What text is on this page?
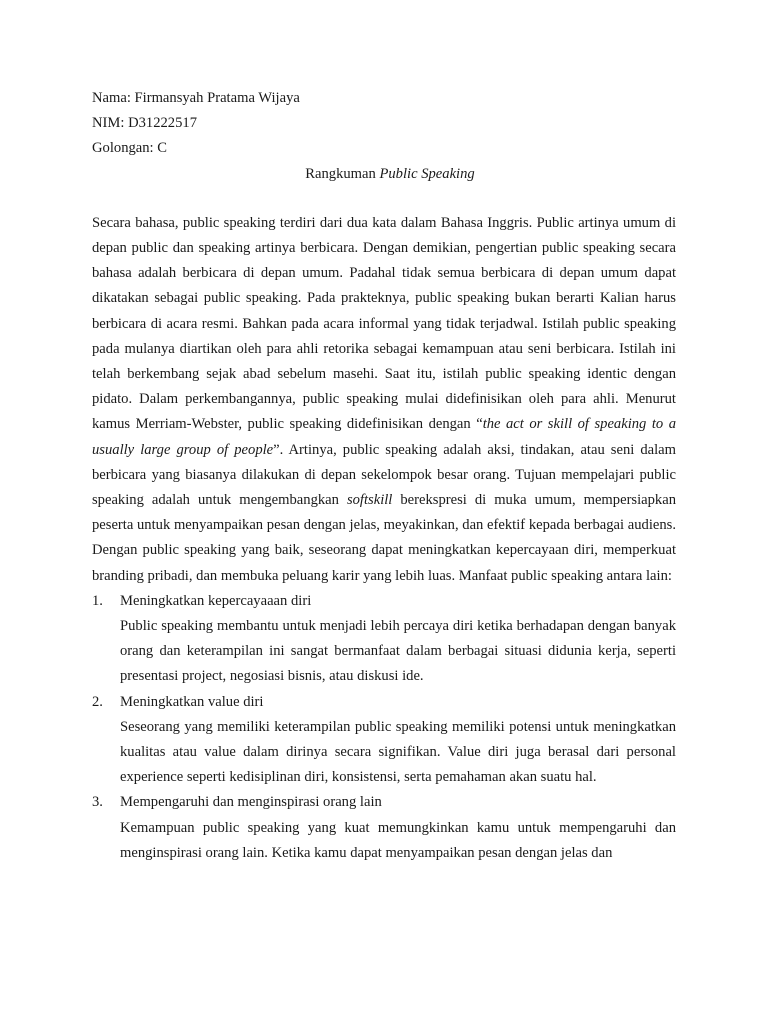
Nama: Firmansyah Pratama Wijaya
NIM: D31222517
Golongan: C
Rangkuman Public Speaking

Secara bahasa, public speaking terdiri dari dua kata dalam Bahasa Inggris. Public artinya umum di depan public dan speaking artinya berbicara. Dengan demikian, pengertian public speaking secara bahasa adalah berbicara di depan umum. Padahal tidak semua berbicara di depan umum dapat dikatakan sebagai public speaking. Pada prakteknya, public speaking bukan berarti Kalian harus berbicara di acara resmi. Bahkan pada acara informal yang tidak terjadwal. Istilah public speaking pada mulanya diartikan oleh para ahli retorika sebagai kemampuan atau seni berbicara. Istilah ini telah berkembang sejak abad sebelum masehi. Saat itu, istilah public speaking identic dengan pidato. Dalam perkembangannya, public speaking mulai didefinisikan oleh para ahli. Menurut kamus Merriam-Webster, public speaking didefinisikan dengan “the act or skill of speaking to a usually large group of people”. Artinya, public speaking adalah aksi, tindakan, atau seni dalam berbicara yang biasanya dilakukan di depan sekelompok besar orang. Tujuan mempelajari public speaking adalah untuk mengembangkan softskill berekspresi di muka umum, mempersiapkan peserta untuk menyampaikan pesan dengan jelas, meyakinkan, dan efektif kepada berbagai audiens. Dengan public speaking yang baik, seseorang dapat meningkatkan kepercayaan diri, memperkuat branding pribadi, dan membuka peluang karir yang lebih luas. Manfaat public speaking antara lain:

1. Meningkatkan kepercayaaan diri

Public speaking membantu untuk menjadi lebih percaya diri ketika berhadapan dengan banyak orang dan keterampilan ini sangat bermanfaat dalam berbagai situasi didunia kerja, seperti presentasi project, negosiasi bisnis, atau diskusi ide.

2. Meningkatkan value diri

Seseorang yang memiliki keterampilan public speaking memiliki potensi untuk meningkatkan kualitas atau value dalam dirinya secara signifikan. Value diri juga berasal dari personal experience seperti kedisiplinan diri, konsistensi, serta pemahaman akan suatu hal.

3. Mempengaruhi dan menginspirasi orang lain

Kemampuan public speaking yang kuat memungkinkan kamu untuk mempengaruhi dan menginspirasi orang lain. Ketika kamu dapat menyampaikan pesan dengan jelas dan
